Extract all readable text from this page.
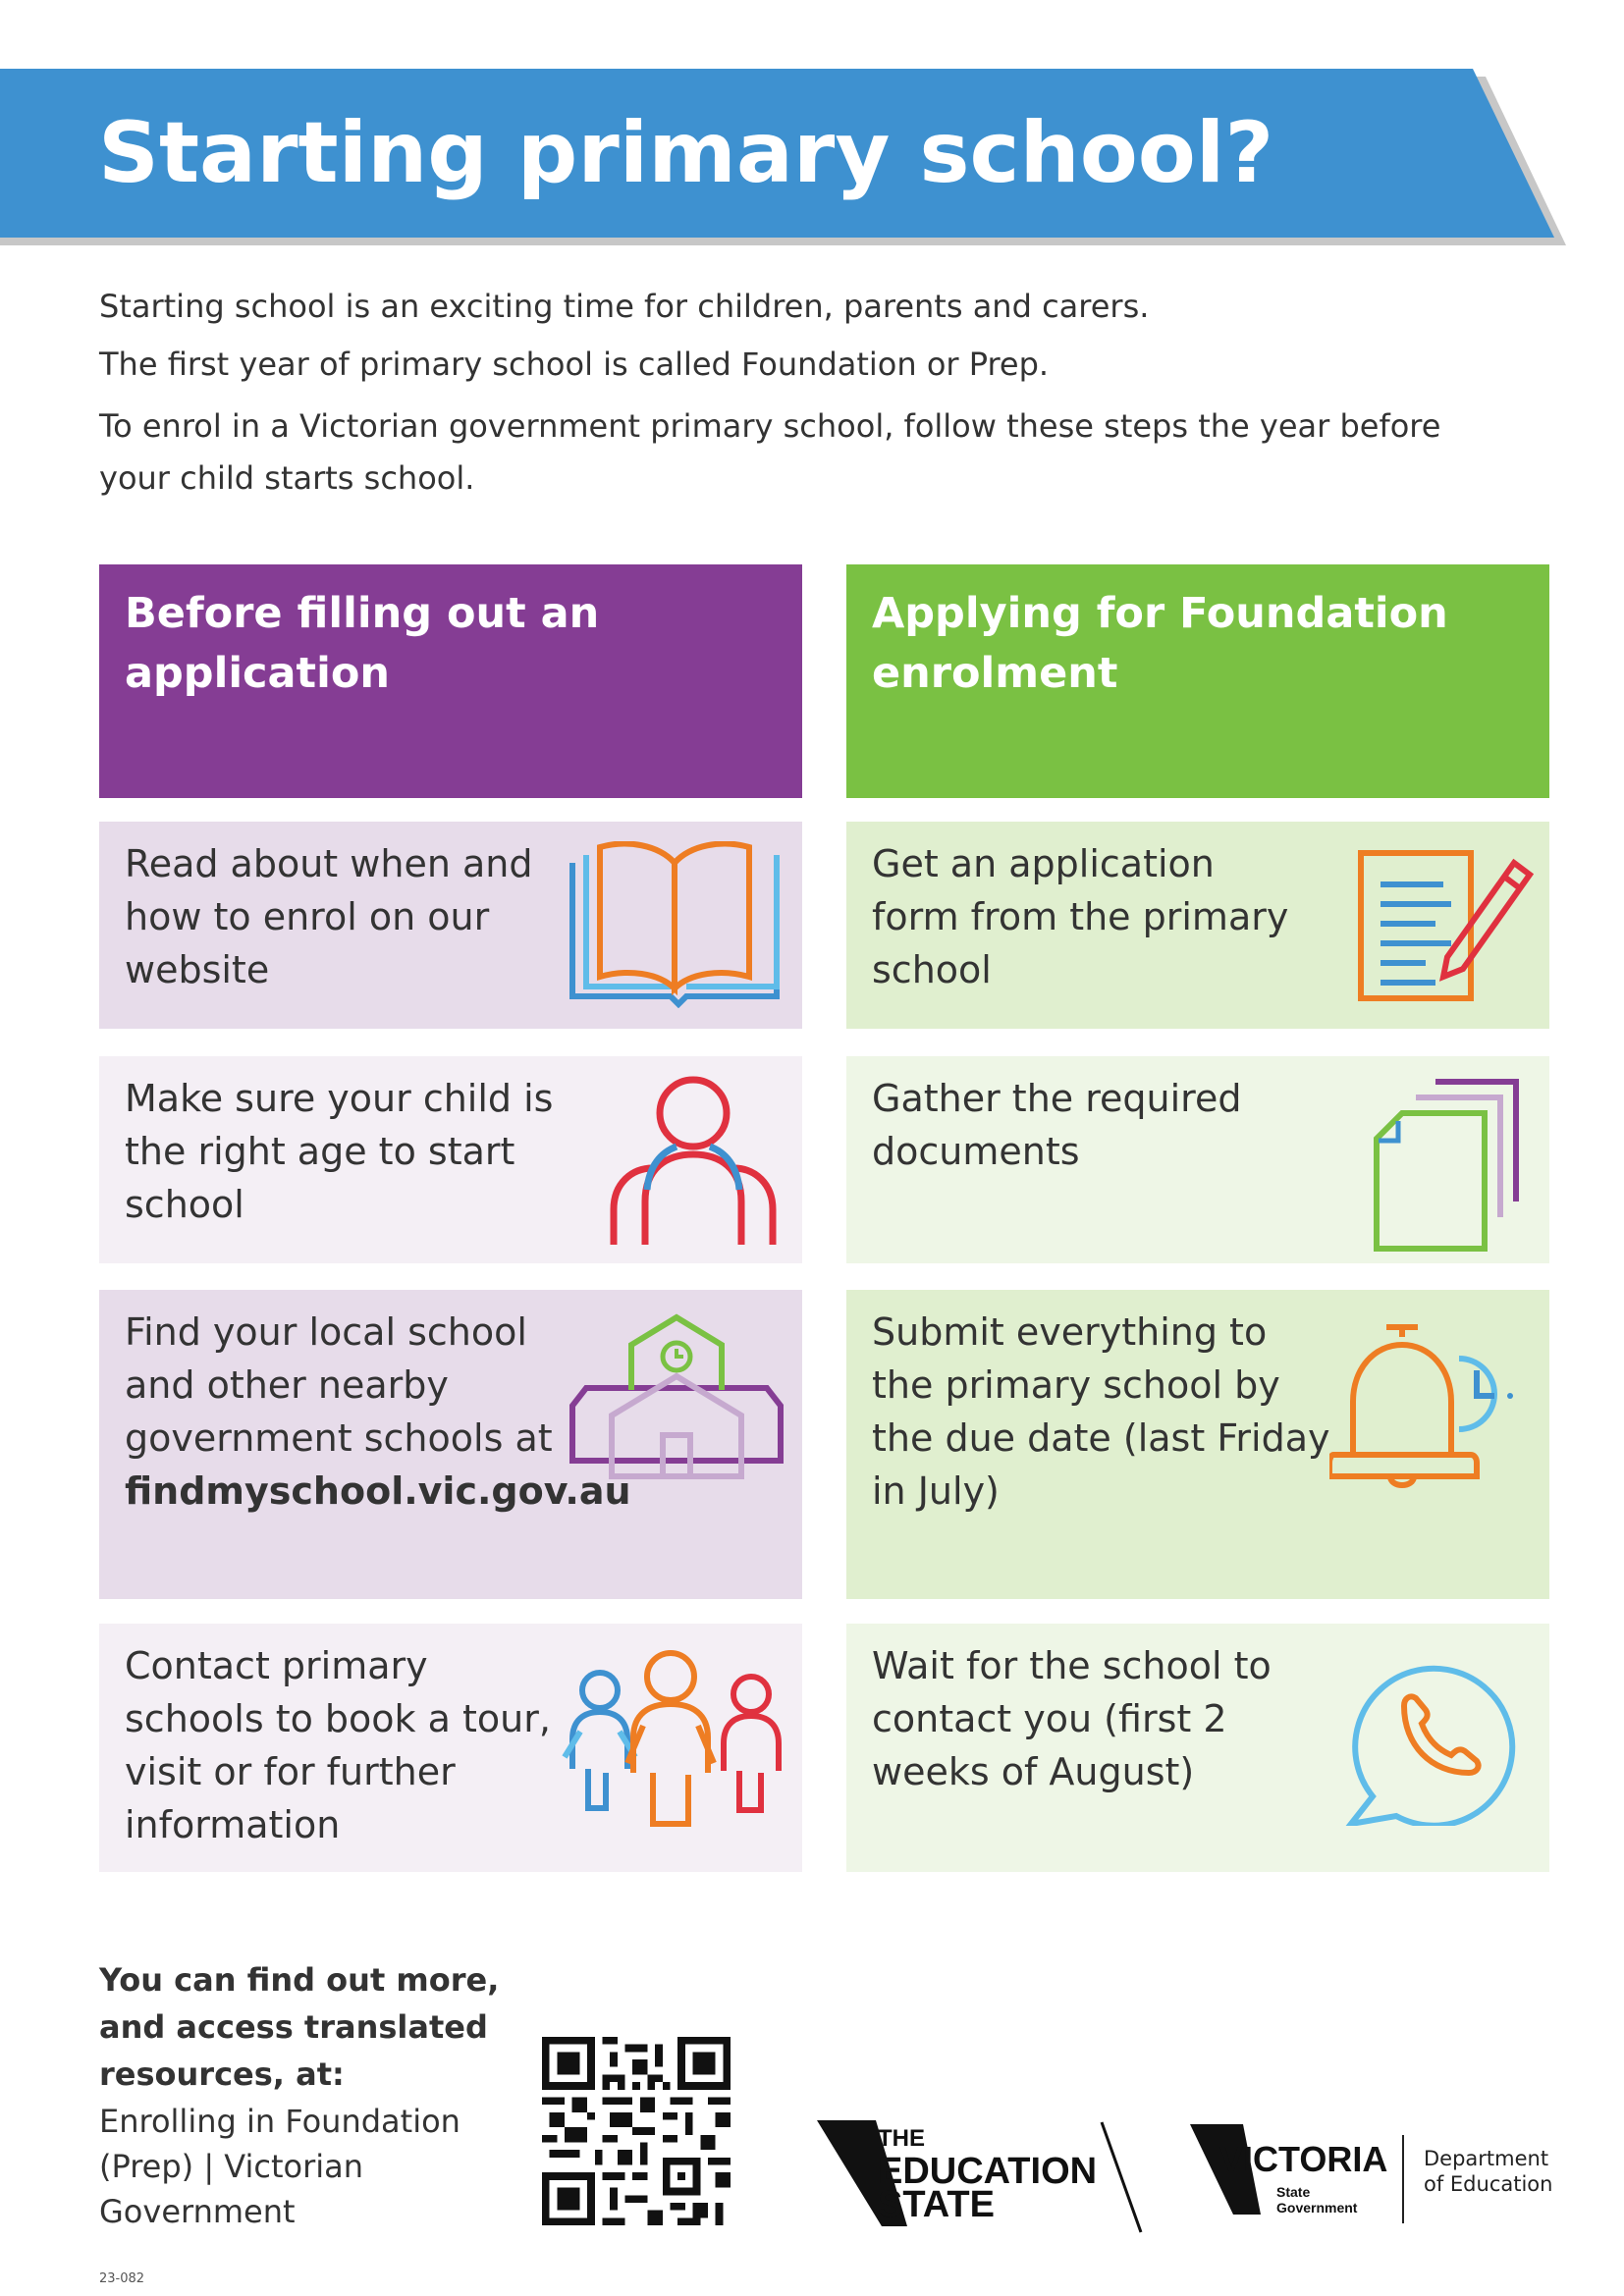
Starting primary school?

Starting school is an exciting time for children, parents and carers.

The first year of primary school is called Foundation or Prep.

To enrol in a Victorian government primary school, follow these steps the year before your child starts school.

Before filling out an application
Applying for Foundation enrolment
Read about when and how to enrol on our website
Make sure your child is the right age to start school
Find your local school and other nearby government schools at
findmyschool.vic.gov.au
Contact primary schools to book a tour, visit or for further information
Get an application form from the primary school
Gather the required documents
Submit everything to the primary school by the due date (last Friday in July)
Wait for the school to contact you (first 2 weeks of August)

You can find out more, and access translated resources, at:

Enrolling in Foundation (Prep) | Victorian Government

THE
EDUCATION
STATE
VICTORIA
State
Government

Department
of Education

23-082
